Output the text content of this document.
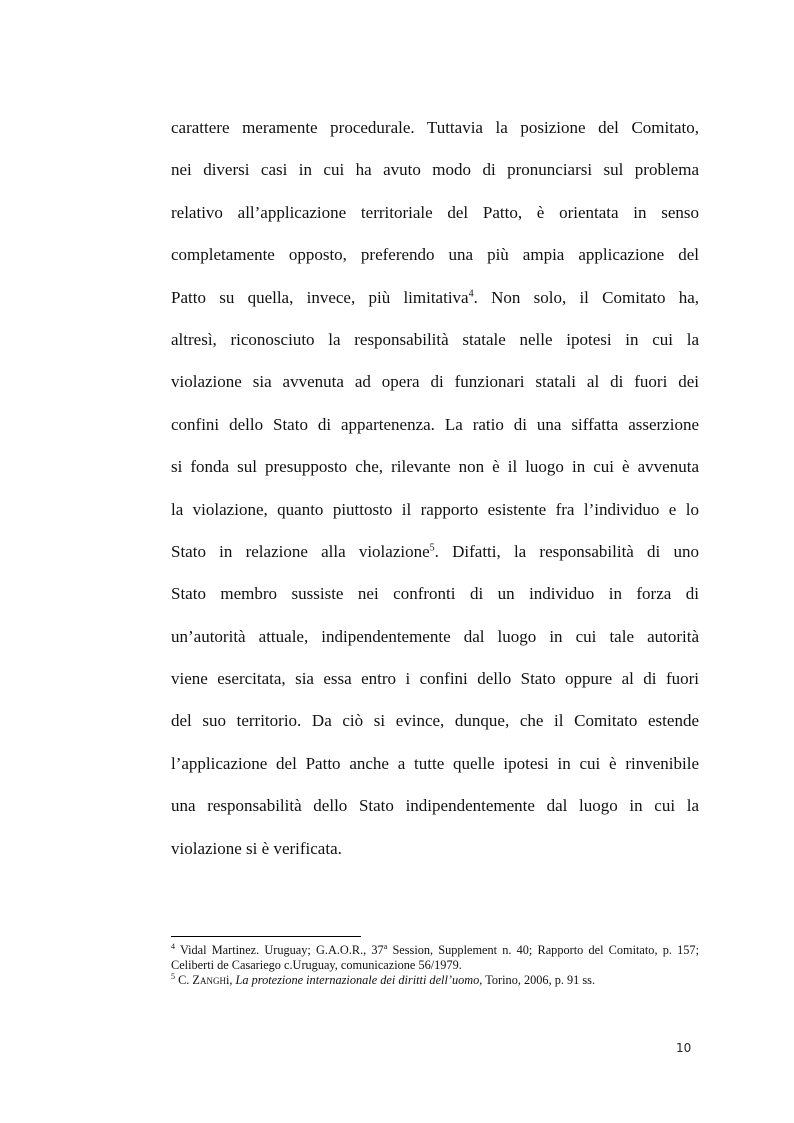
carattere meramente procedurale. Tuttavia la posizione del Comitato,
nei diversi casi in cui ha avuto modo di pronunciarsi sul problema
relativo all’applicazione territoriale del Patto, è orientata in senso
completamente opposto, preferendo una più ampia applicazione del
Patto su quella, invece, più limitativa$^4$. Non solo, il Comitato ha,
altresì, riconosciuto la responsabilità statale nelle ipotesi in cui la
violazione sia avvenuta ad opera di funzionari statali al di fuori dei
confini dello Stato di appartenenza. La ratio di una siffatta asserzione
si fonda sul presupposto che, rilevante non è il luogo in cui è avvenuta
la violazione, quanto piuttosto il rapporto esistente fra l’individuo e lo
Stato in relazione alla violazione$^5$. Difatti, la responsabilità di uno
Stato membro sussiste nei confronti di un individuo in forza di
un’autorità attuale, indipendentemente dal luogo in cui tale autorità
viene esercitata, sia essa entro i confini dello Stato oppure al di fuori
del suo territorio. Da ciò si evince, dunque, che il Comitato estende
l’applicazione del Patto anche a tutte quelle ipotesi in cui è rinvenibile
una responsabilità dello Stato indipendentemente dal luogo in cui la
violazione si è verificata.

$^4$ Vidal Martinez. Uruguay; G.A.O.R., 37$^a$ Session, Supplement n. 40; Rapporto del Comitato, p. 157; Celiberti de Casariego c.Uruguay, comunicazione 56/1979.

$^5$ C. Zanghi, La protezione internazionale dei diritti dell’uomo, Torino, 2006, p. 91 ss.

10
